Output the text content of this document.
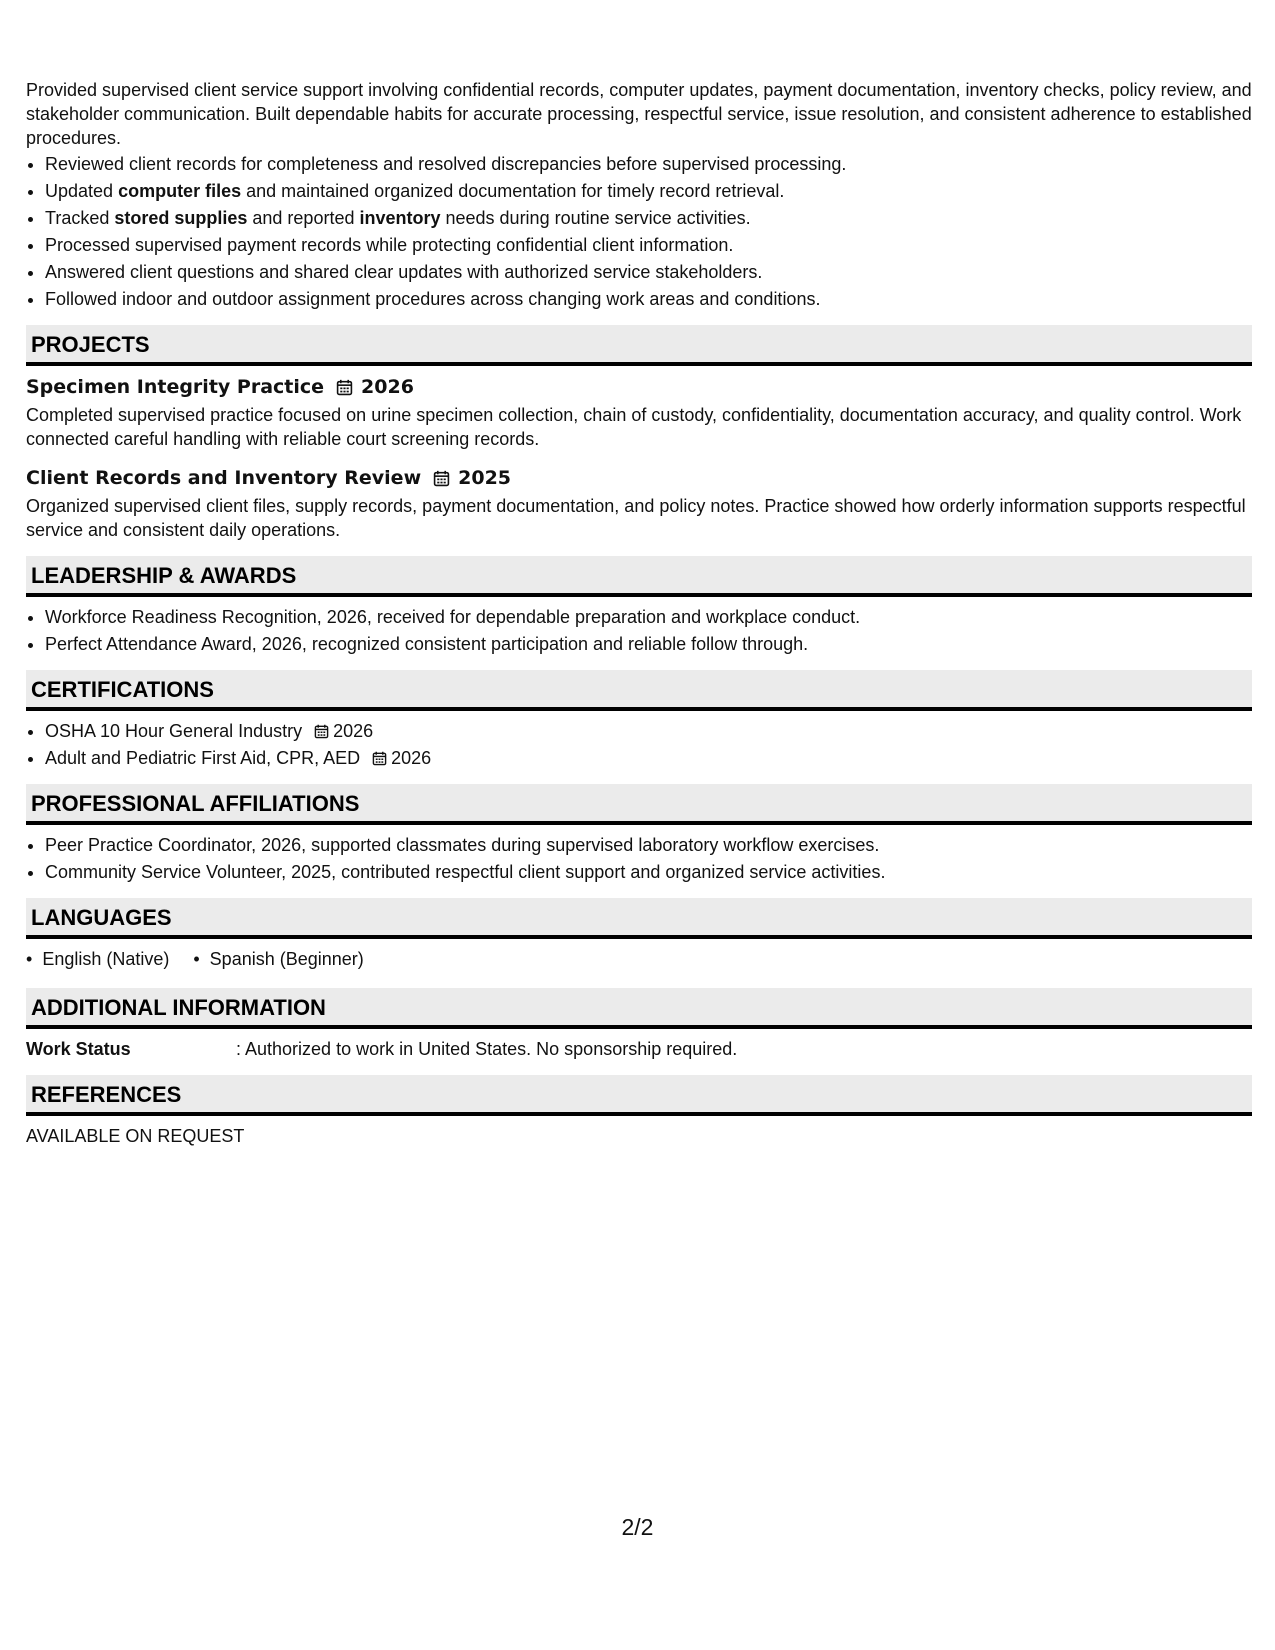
Provided supervised client service support involving confidential records, computer updates, payment documentation, inventory checks, policy review, and stakeholder communication. Built dependable habits for accurate processing, respectful service, issue resolution, and consistent adherence to established procedures.

• Reviewed client records for completeness and resolved discrepancies before supervised processing.
• Updated computer files and maintained organized documentation for timely record retrieval.
• Tracked stored supplies and reported inventory needs during routine service activities.
• Processed supervised payment records while protecting confidential client information.
• Answered client questions and shared clear updates with authorized service stakeholders.
• Followed indoor and outdoor assignment procedures across changing work areas and conditions.
PROJECTS
Specimen Integrity Practice 2026

Completed supervised practice focused on urine specimen collection, chain of custody, confidentiality, documentation accuracy, and quality control. Work connected careful handling with reliable court screening records.

Client Records and Inventory Review 2025

Organized supervised client files, supply records, payment documentation, and policy notes. Practice showed how orderly information supports respectful service and consistent daily operations.

LEADERSHIP & AWARDS
• Workforce Readiness Recognition, 2026, received for dependable preparation and workplace conduct.
• Perfect Attendance Award, 2026, recognized consistent participation and reliable follow through.
CERTIFICATIONS
• OSHA 10 Hour General Industry 2026
• Adult and Pediatric First Aid, CPR, AED 2026
PROFESSIONAL AFFILIATIONS
• Peer Practice Coordinator, 2026, supported classmates during supervised laboratory workflow exercises.
• Community Service Volunteer, 2025, contributed respectful client support and organized service activities.
LANGUAGES
• English (Native)
•	Spanish (Beginner)
ADDITIONAL INFORMATION
Work Status	: Authorized to work in United States. No sponsorship required.
REFERENCES

AVAILABLE ON REQUEST

2/2
